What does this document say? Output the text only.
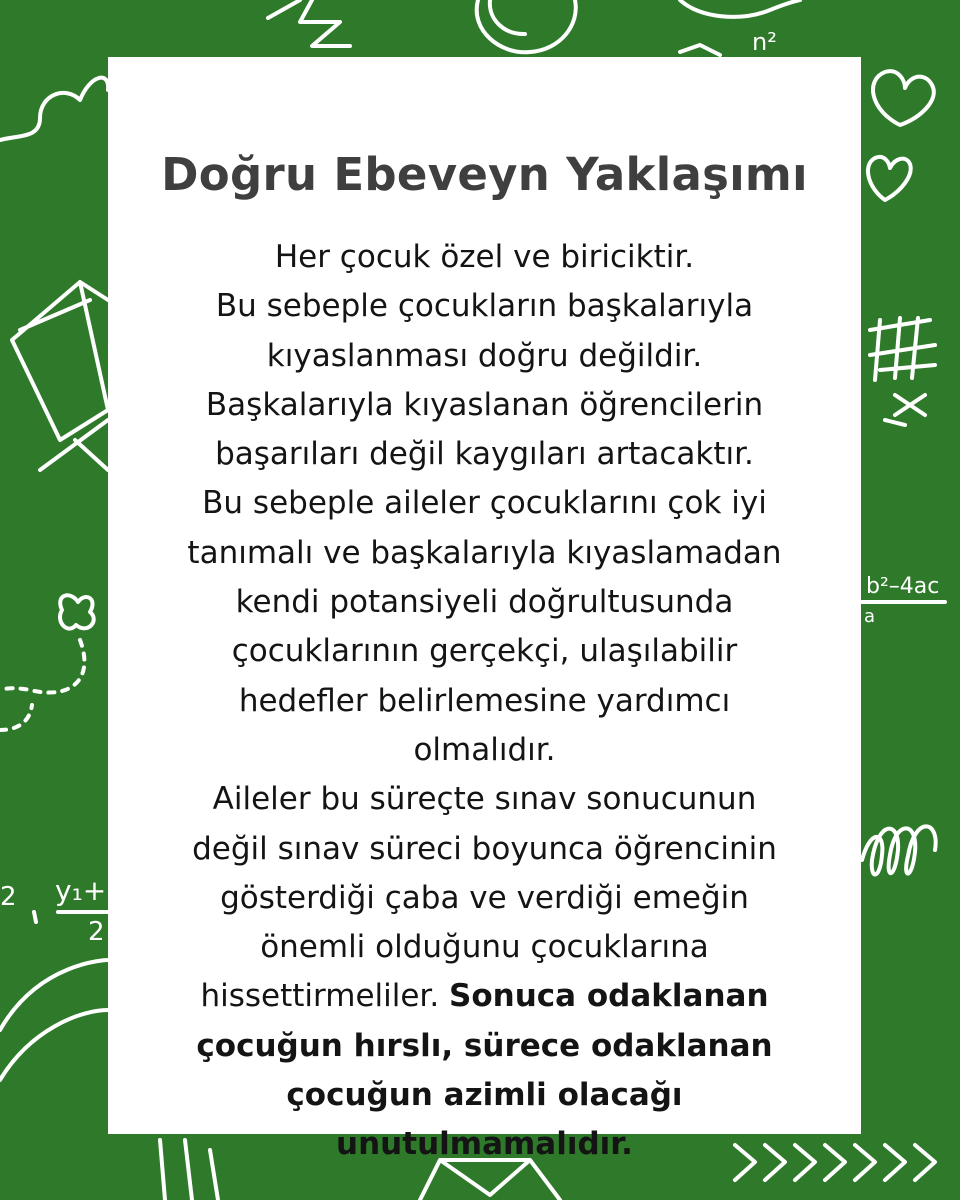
2 y₁+
2
n²
b²–4ac
a
Doğru Ebeveyn Yaklaşımı
Her çocuk özel ve biriciktir.
Bu sebeple çocukların başkalarıyla
kıyaslanması doğru değildir.
Başkalarıyla kıyaslanan öğrencilerin
başarıları değil kaygıları artacaktır.
Bu sebeple aileler çocuklarını çok iyi
tanımalı ve başkalarıyla kıyaslamadan
kendi potansiyeli doğrultusunda
çocuklarının gerçekçi, ulaşılabilir
hedefler belirlemesine yardımcı
olmalıdır.
Aileler bu süreçte sınav sonucunun
değil sınav süreci boyunca öğrencinin
gösterdiği çaba ve verdiği emeğin
önemli olduğunu çocuklarına
hissettirmeliler. Sonuca odaklanan
çocuğun hırslı, sürece odaklanan
çocuğun azimli olacağı
unutulmamalıdır.
